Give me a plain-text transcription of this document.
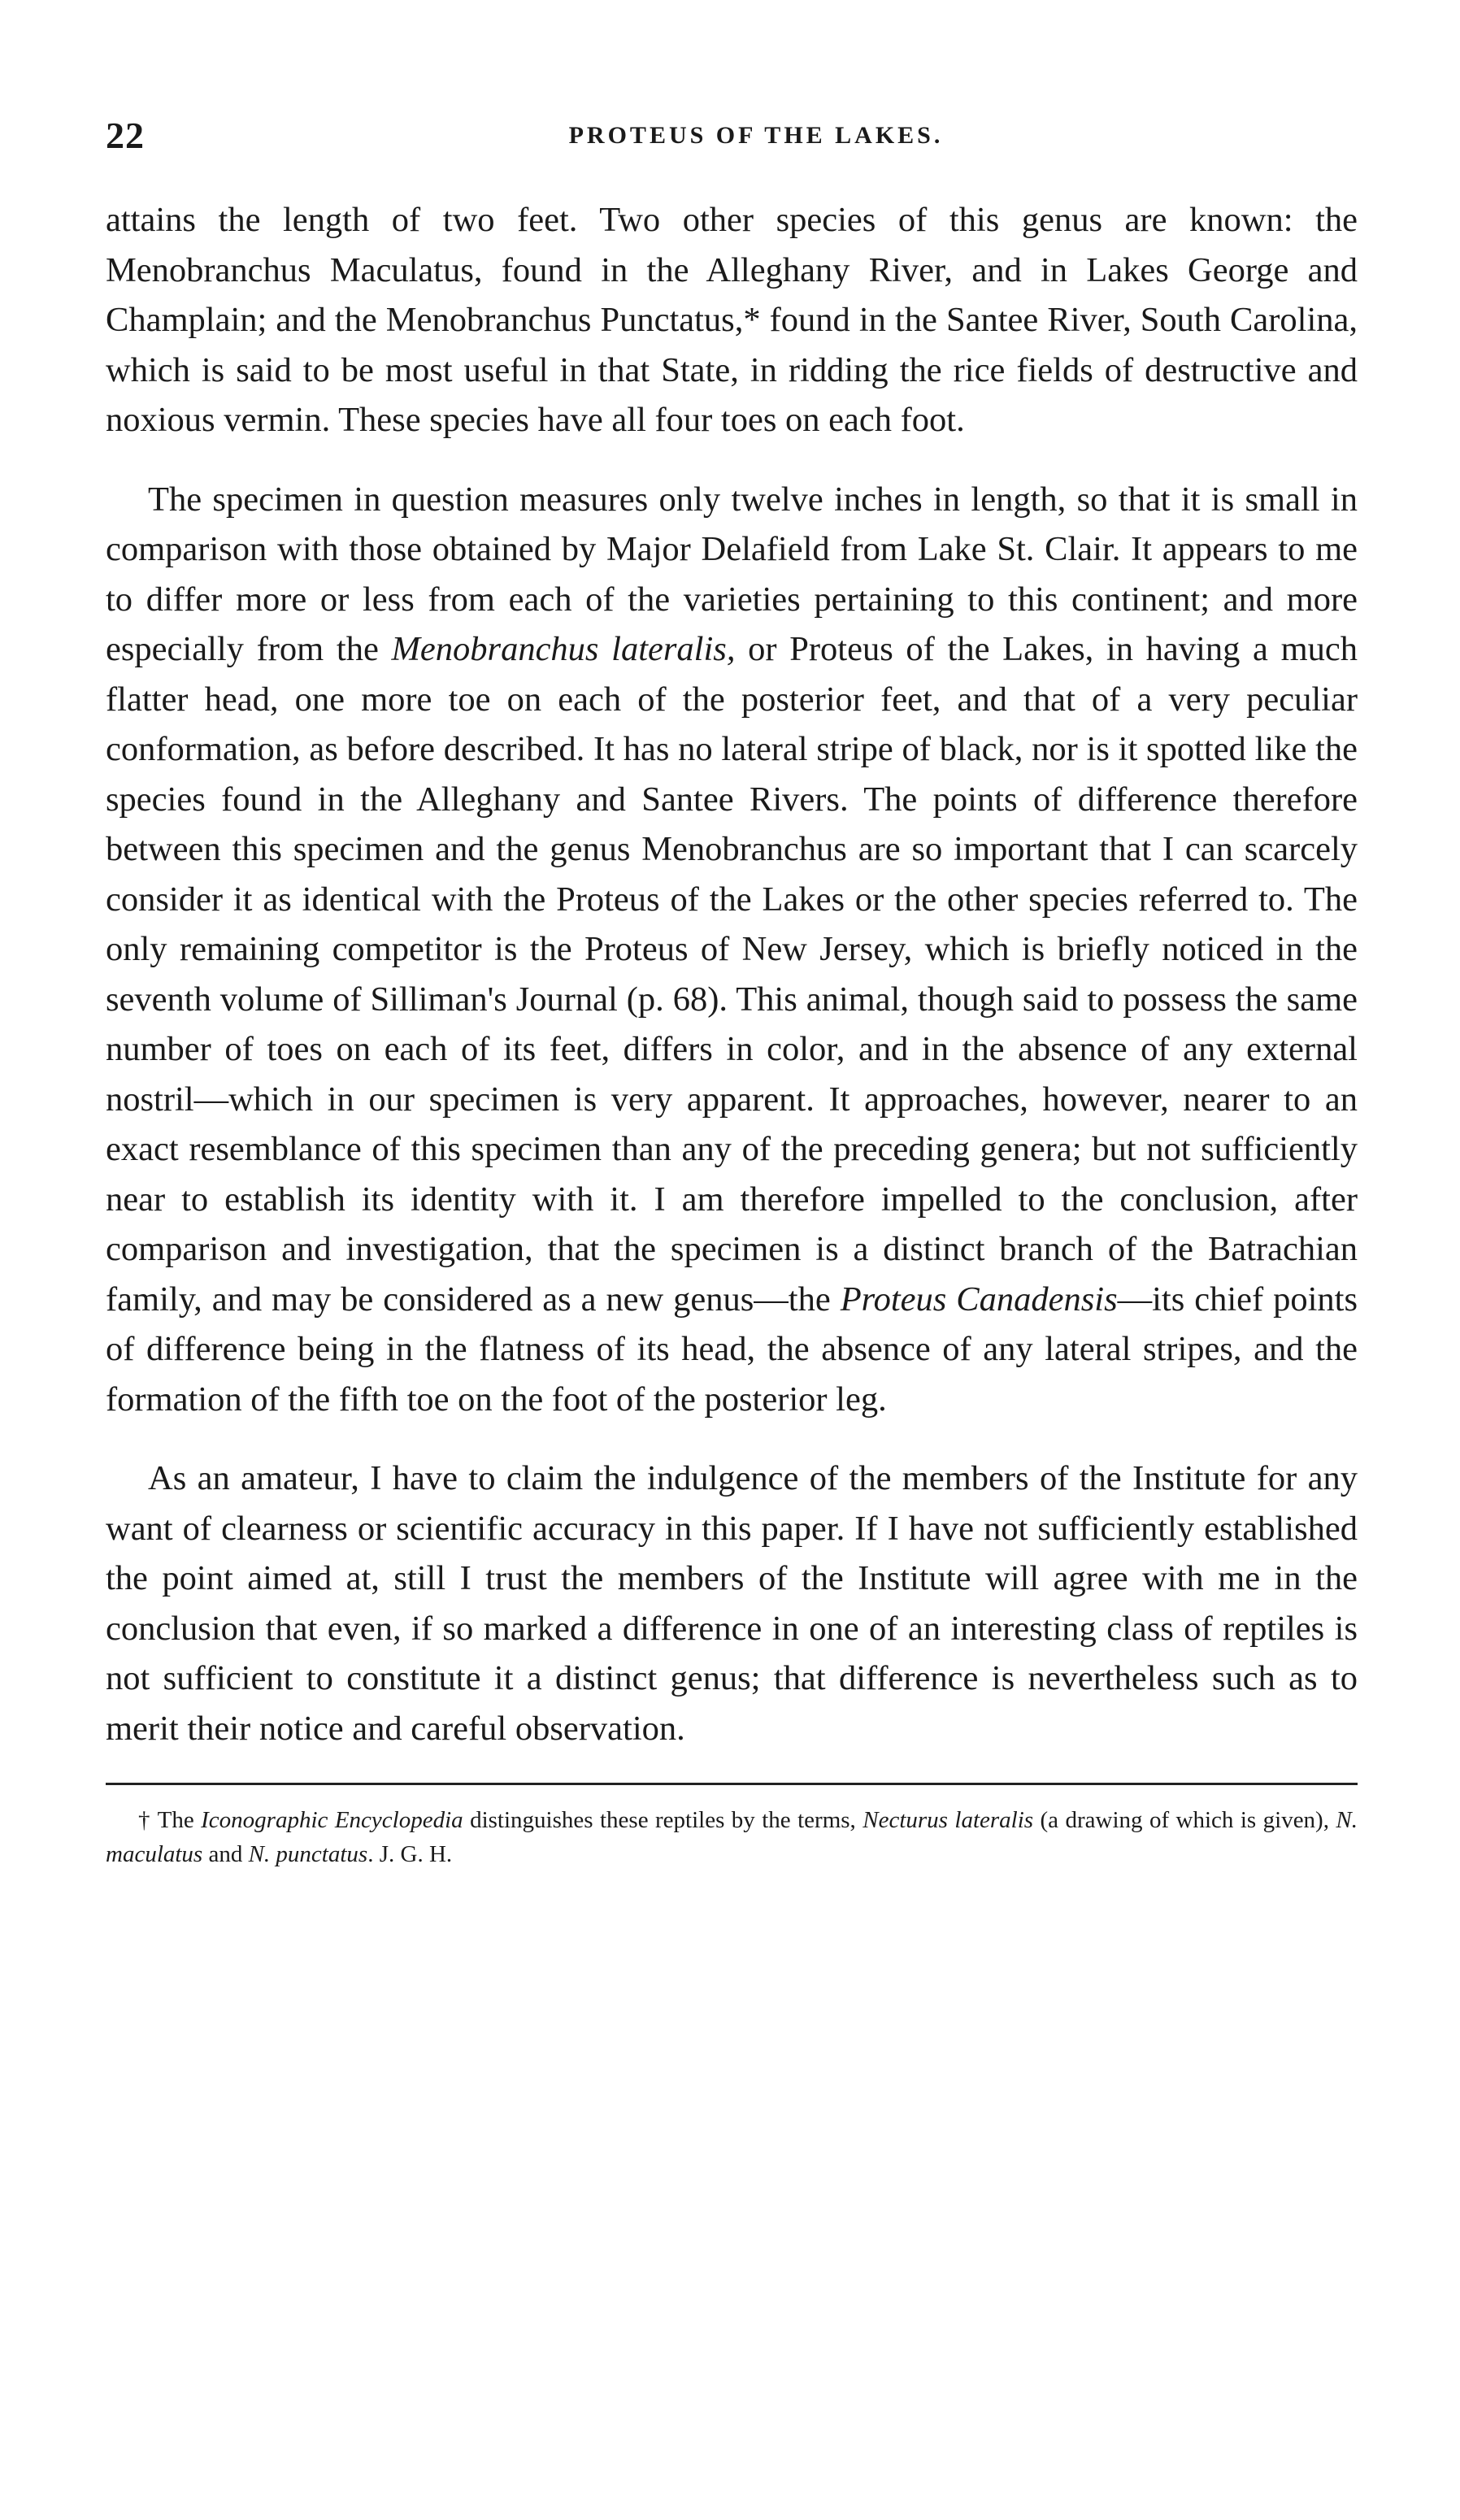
22	PROTEUS OF THE LAKES.

attains the length of two feet. Two other species of this genus are known: the Menobranchus Maculatus, found in the Alleghany River, and in Lakes George and Champlain; and the Menobranchus Punctatus,* found in the Santee River, South Carolina, which is said to be most useful in that State, in ridding the rice fields of destructive and noxious vermin. These species have all four toes on each foot.

The specimen in question measures only twelve inches in length, so that it is small in comparison with those obtained by Major Delafield from Lake St. Clair. It appears to me to differ more or less from each of the varieties pertaining to this continent; and more especially from the Menobranchus lateralis, or Proteus of the Lakes, in having a much flatter head, one more toe on each of the posterior feet, and that of a very peculiar conformation, as before described. It has no lateral stripe of black, nor is it spotted like the species found in the Alleghany and Santee Rivers. The points of difference therefore between this specimen and the genus Menobranchus are so important that I can scarcely consider it as identical with the Proteus of the Lakes or the other species referred to. The only remaining competitor is the Proteus of New Jersey, which is briefly noticed in the seventh volume of Silliman's Journal (p. 68). This animal, though said to possess the same number of toes on each of its feet, differs in color, and in the absence of any external nostril—which in our specimen is very apparent. It approaches, however, nearer to an exact resemblance of this specimen than any of the preceding genera; but not sufficiently near to establish its identity with it. I am therefore impelled to the conclusion, after comparison and investigation, that the specimen is a distinct branch of the Batrachian family, and may be considered as a new genus—the Proteus Canadensis—its chief points of difference being in the flatness of its head, the absence of any lateral stripes, and the formation of the fifth toe on the foot of the posterior leg.

As an amateur, I have to claim the indulgence of the members of the Institute for any want of clearness or scientific accuracy in this paper. If I have not sufficiently established the point aimed at, still I trust the members of the Institute will agree with me in the conclusion that even, if so marked a difference in one of an interesting class of reptiles is not sufficient to constitute it a distinct genus; that difference is nevertheless such as to merit their notice and careful observation.

† The Iconographic Encyclopedia distinguishes these reptiles by the terms, Necturus lateralis (a drawing of which is given), N. maculatus and N. punctatus. J. G. H.
